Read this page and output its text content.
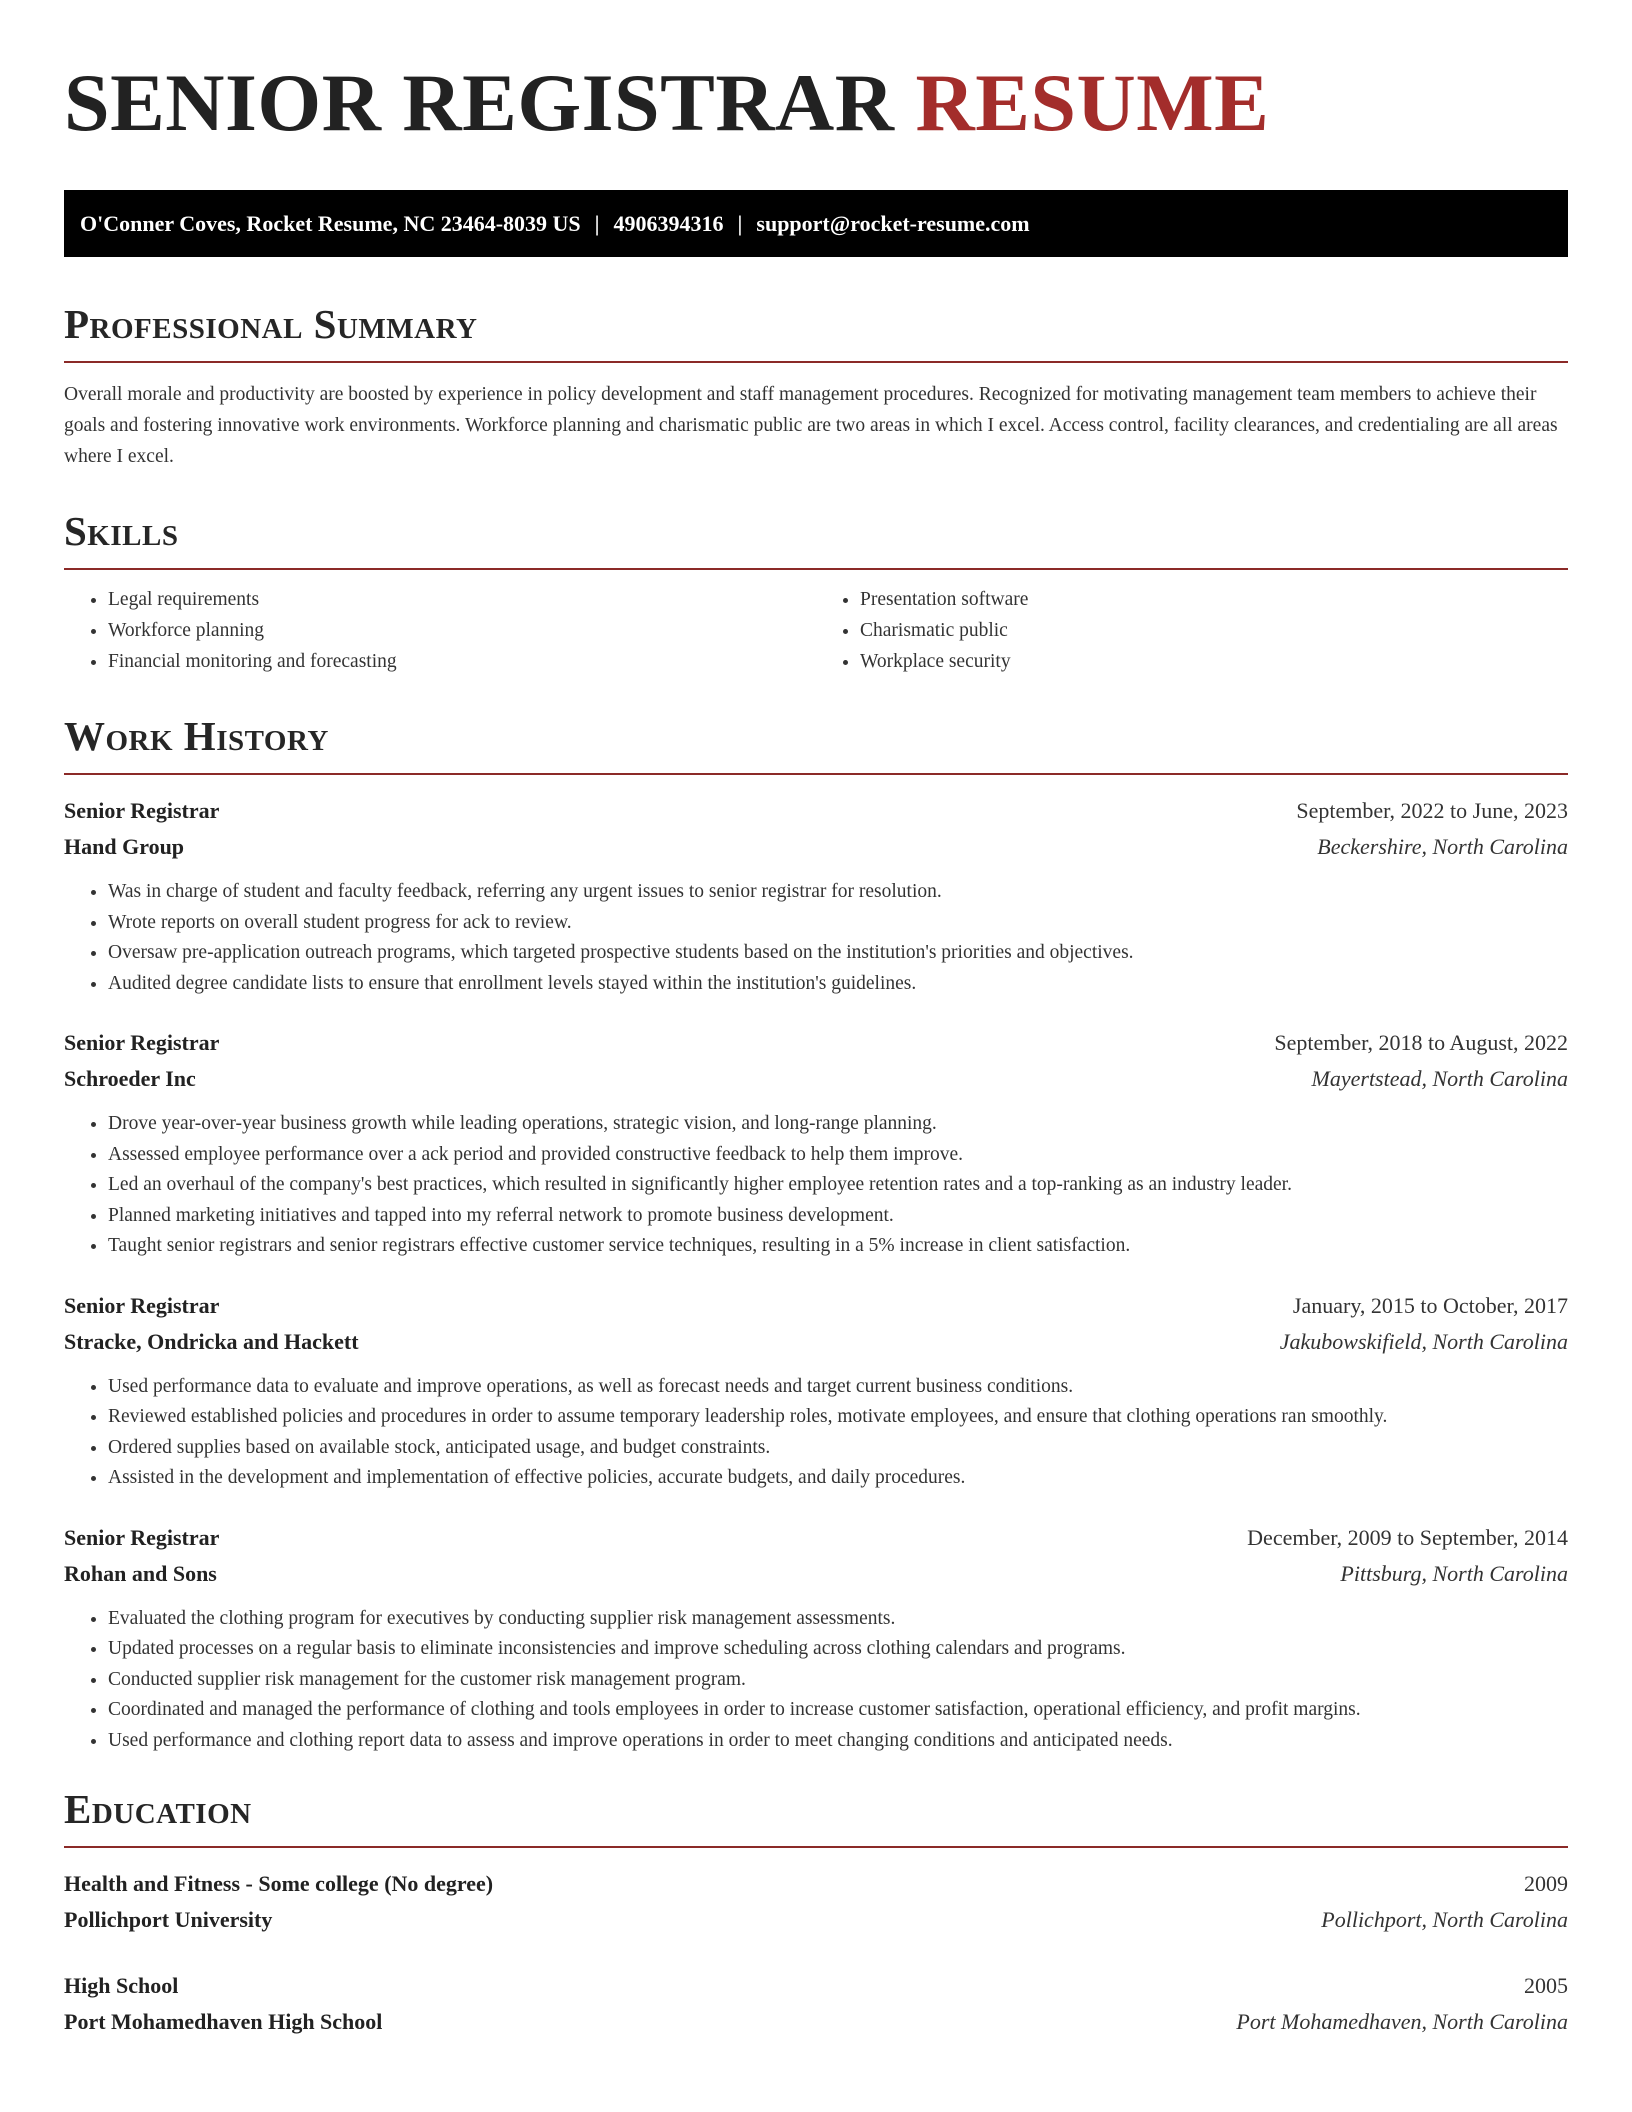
SENIOR REGISTRAR RESUME
O'Conner Coves, Rocket Resume, NC 23464-8039 US | 4906394316 | support@rocket-resume.com
Professional Summary

Overall morale and productivity are boosted by experience in policy development and staff management procedures. Recognized for motivating management team members to achieve their goals and fostering innovative work environments. Workforce planning and charismatic public are two areas in which I excel. Access control, facility clearances, and credentialing are all areas where I excel.

Skills
• Legal requirements
• Workforce planning
• Financial monitoring and forecasting
• Presentation software
• Charismatic public
• Workplace security
Work History
Senior Registrar	September, 2022 to June, 2023
Hand Group	Beckershire, North Carolina
• Was in charge of student and faculty feedback, referring any urgent issues to senior registrar for resolution.
• Wrote reports on overall student progress for ack to review.
• Oversaw pre-application outreach programs, which targeted prospective students based on the institution's priorities and objectives.
• Audited degree candidate lists to ensure that enrollment levels stayed within the institution's guidelines.
Senior Registrar	September, 2018 to August, 2022
Schroeder Inc	Mayertstead, North Carolina
• Drove year-over-year business growth while leading operations, strategic vision, and long-range planning.
• Assessed employee performance over a ack period and provided constructive feedback to help them improve.
• Led an overhaul of the company's best practices, which resulted in significantly higher employee retention rates and a top-ranking as an industry leader.
• Planned marketing initiatives and tapped into my referral network to promote business development.
• Taught senior registrars and senior registrars effective customer service techniques, resulting in a 5% increase in client satisfaction.
Senior Registrar	January, 2015 to October, 2017
Stracke, Ondricka and Hackett	Jakubowskifield, North Carolina
• Used performance data to evaluate and improve operations, as well as forecast needs and target current business conditions.
• Reviewed established policies and procedures in order to assume temporary leadership roles, motivate employees, and ensure that clothing operations ran smoothly.
• Ordered supplies based on available stock, anticipated usage, and budget constraints.
• Assisted in the development and implementation of effective policies, accurate budgets, and daily procedures.
Senior Registrar	December, 2009 to September, 2014
Rohan and Sons	Pittsburg, North Carolina
• Evaluated the clothing program for executives by conducting supplier risk management assessments.
• Updated processes on a regular basis to eliminate inconsistencies and improve scheduling across clothing calendars and programs.
• Conducted supplier risk management for the customer risk management program.
• Coordinated and managed the performance of clothing and tools employees in order to increase customer satisfaction, operational efficiency, and profit margins.
• Used performance and clothing report data to assess and improve operations in order to meet changing conditions and anticipated needs.
Education
Health and Fitness - Some college (No degree)	2009
Pollichport University	Pollichport, North Carolina
High School	2005
Port Mohamedhaven High School	Port Mohamedhaven, North Carolina
